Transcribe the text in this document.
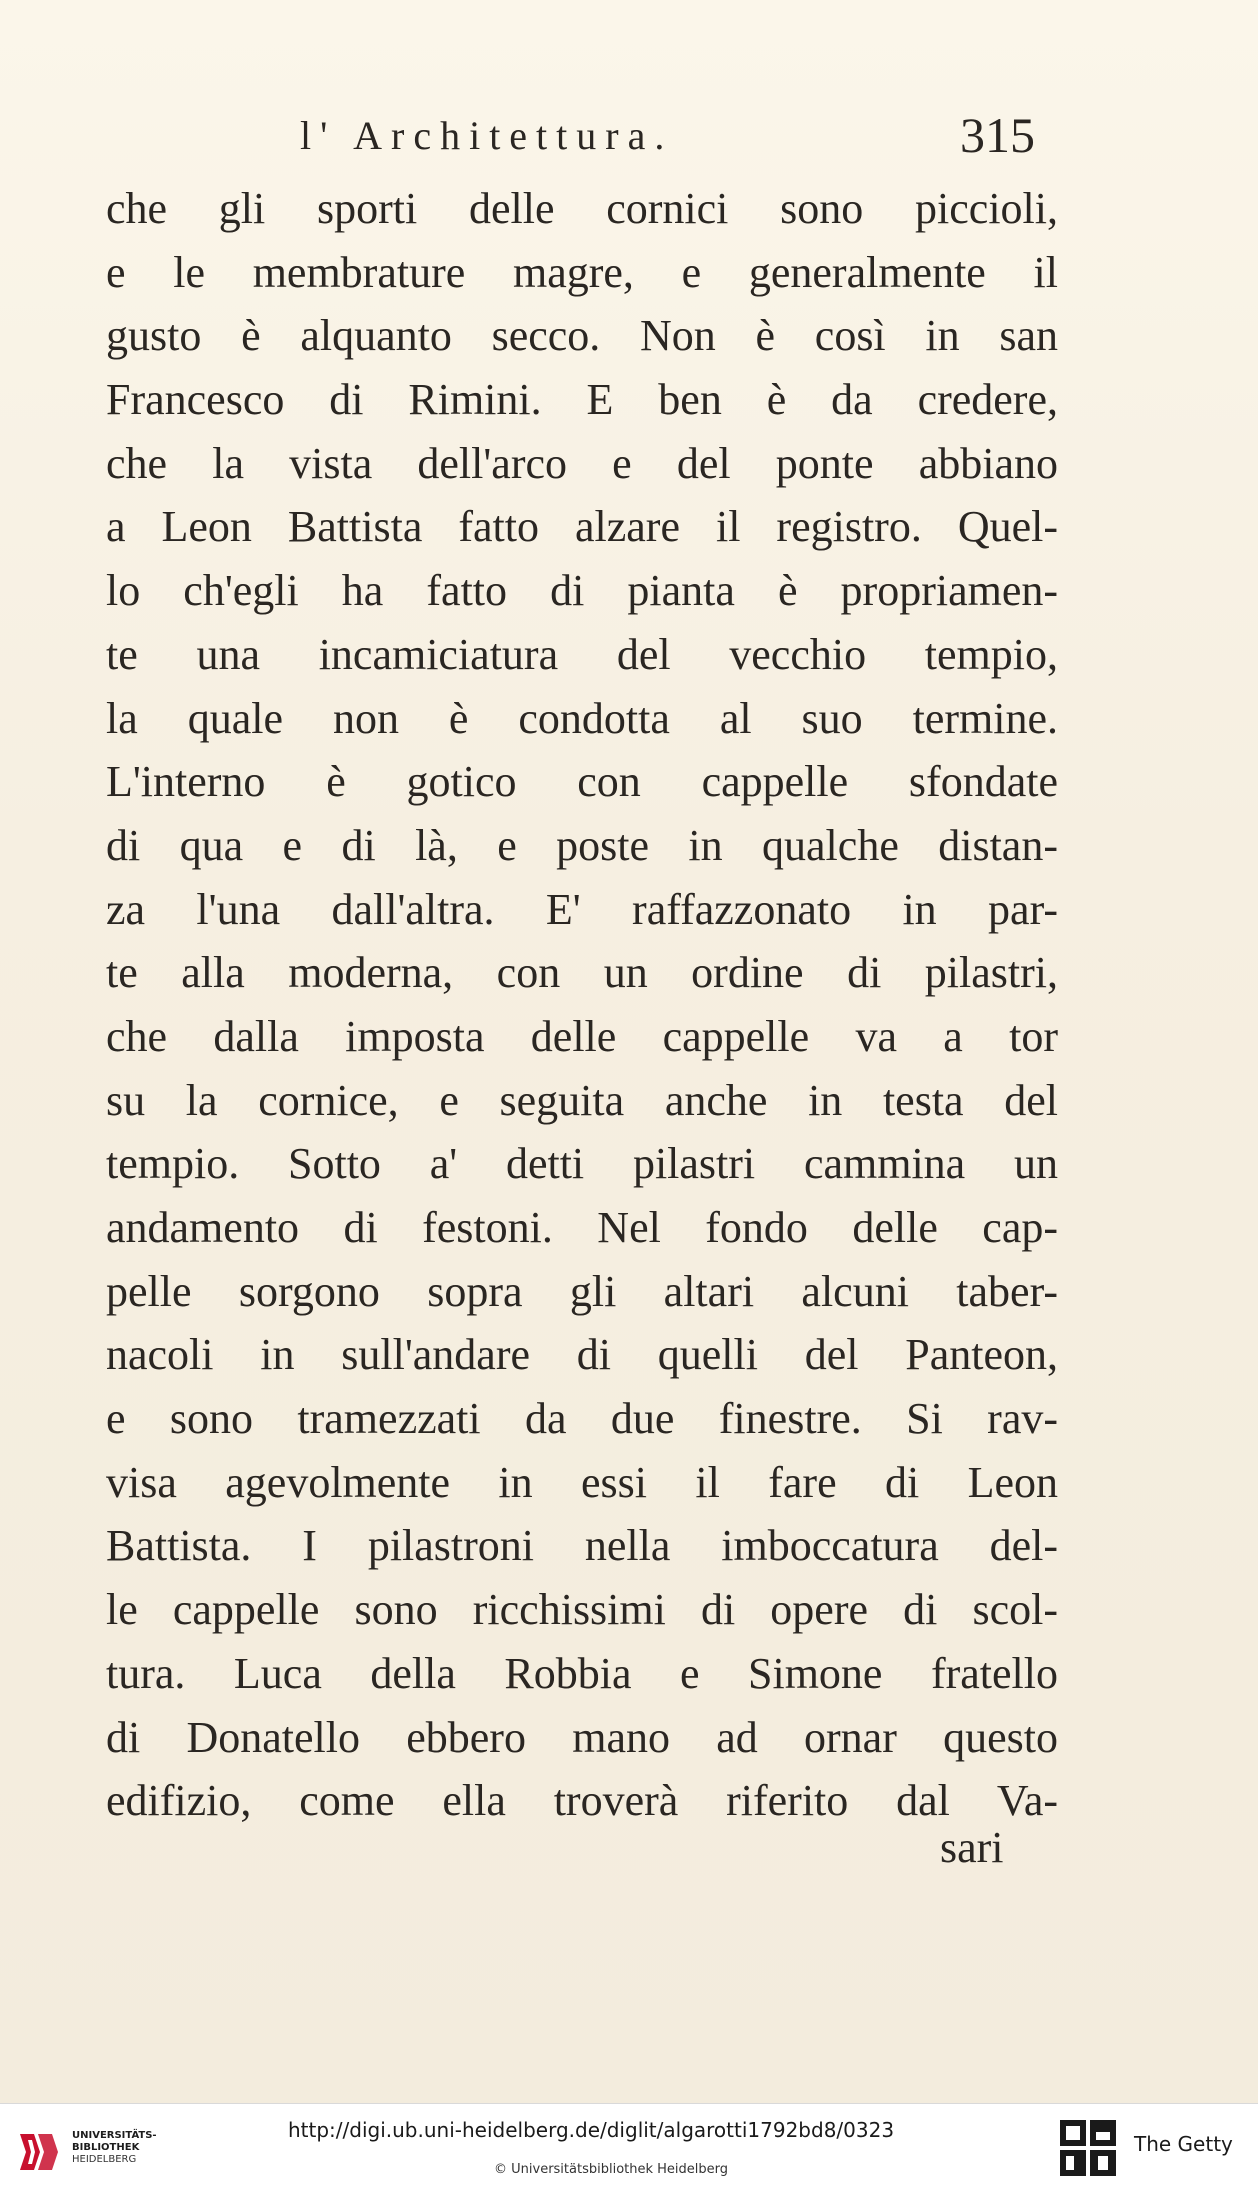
l' Architettura.	315
che gli sporti delle cornici sono piccioli,
e le membrature magre, e generalmente il
gusto è alquanto secco. Non è così in san
Francesco di Rimini. E ben è da credere,
che la vista dell'arco e del ponte abbiano
a Leon Battista fatto alzare il registro. Quel-
lo ch'egli ha fatto di pianta è propriamen-
te una incamiciatura del vecchio tempio,
la quale non è condotta al suo termine.
L'interno è gotico con cappelle sfondate
di qua e di là, e poste in qualche distan-
za l'una dall'altra. E' raffazzonato in par-
te alla moderna, con un ordine di pilastri,
che dalla imposta delle cappelle va a tor
su la cornice, e seguita anche in testa del
tempio. Sotto a' detti pilastri cammina un
andamento di festoni. Nel fondo delle cap-
pelle sorgono sopra gli altari alcuni taber-
nacoli in sull'andare di quelli del Panteon,
e sono tramezzati da due finestre. Si rav-
visa agevolmente in essi il fare di Leon
Battista. I pilastroni nella imboccatura del-
le cappelle sono ricchissimi di opere di scol-
tura. Luca della Robbia e Simone fratello
di Donatello ebbero mano ad ornar questo
edifizio, come ella troverà riferito dal Va-
sari
UNIVERSITÄTS-
BIBLIOTHEK
HEIDELBERG
http://digi.ub.uni-heidelberg.de/diglit/algarotti1792bd8/0323
© Universitätsbibliothek Heidelberg
The Getty
